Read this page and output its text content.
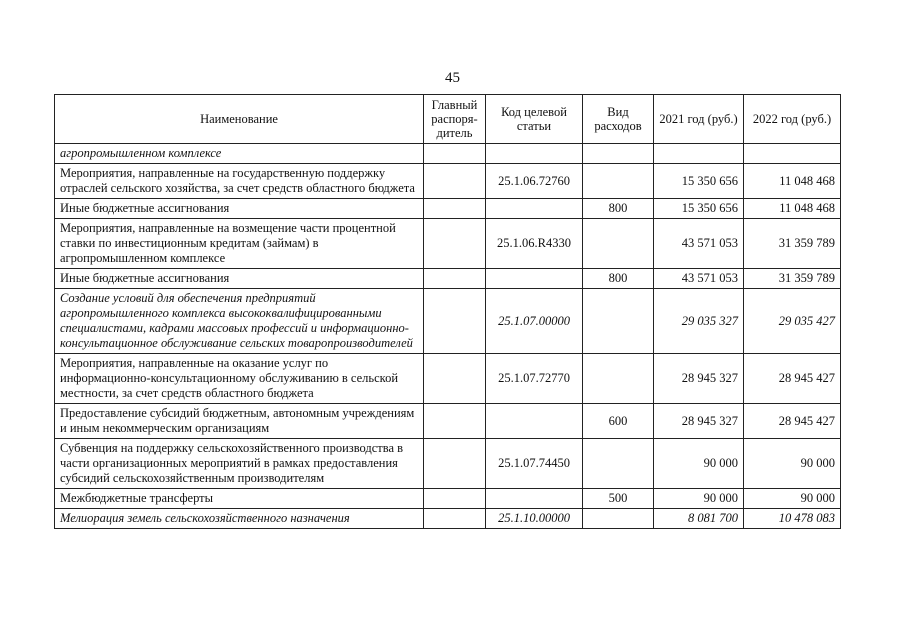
45
Наименование	Главный распоря-дитель	Код целевой статьи	Вид расходов	2021 год (руб.)	2022 год (руб.)
агропромышленном комплексе					
Мероприятия, направленные на государственную поддержку отраслей сельского хозяйства, за счет средств областного бюджета		25.1.06.72760		15 350 656	11 048 468
Иные бюджетные ассигнования			800	15 350 656	11 048 468
Мероприятия, направленные на возмещение части процентной ставки по инвестиционным кредитам (займам) в агропромышленном комплексе		25.1.06.R4330		43 571 053	31 359 789
Иные бюджетные ассигнования			800	43 571 053	31 359 789
Создание условий для обеспечения предприятий агропромышленного комплекса высококвалифицированными специалистами, кадрами массовых профессий и информационно-консультационное обслуживание сельских товаропроизводителей		25.1.07.00000		29 035 327	29 035 427
Мероприятия, направленные на оказание услуг по информационно-консультационному обслуживанию в сельской местности, за счет средств областного бюджета		25.1.07.72770		28 945 327	28 945 427
Предоставление субсидий бюджетным, автономным учреждениям и иным некоммерческим организациям			600	28 945 327	28 945 427
Субвенция на поддержку сельскохозяйственного производства в части организационных мероприятий в рамках предоставления субсидий сельскохозяйственным производителям		25.1.07.74450		90 000	90 000
Межбюджетные трансферты			500	90 000	90 000
Мелиорация земель сельскохозяйственного назначения		25.1.10.00000		8 081 700	10 478 083
